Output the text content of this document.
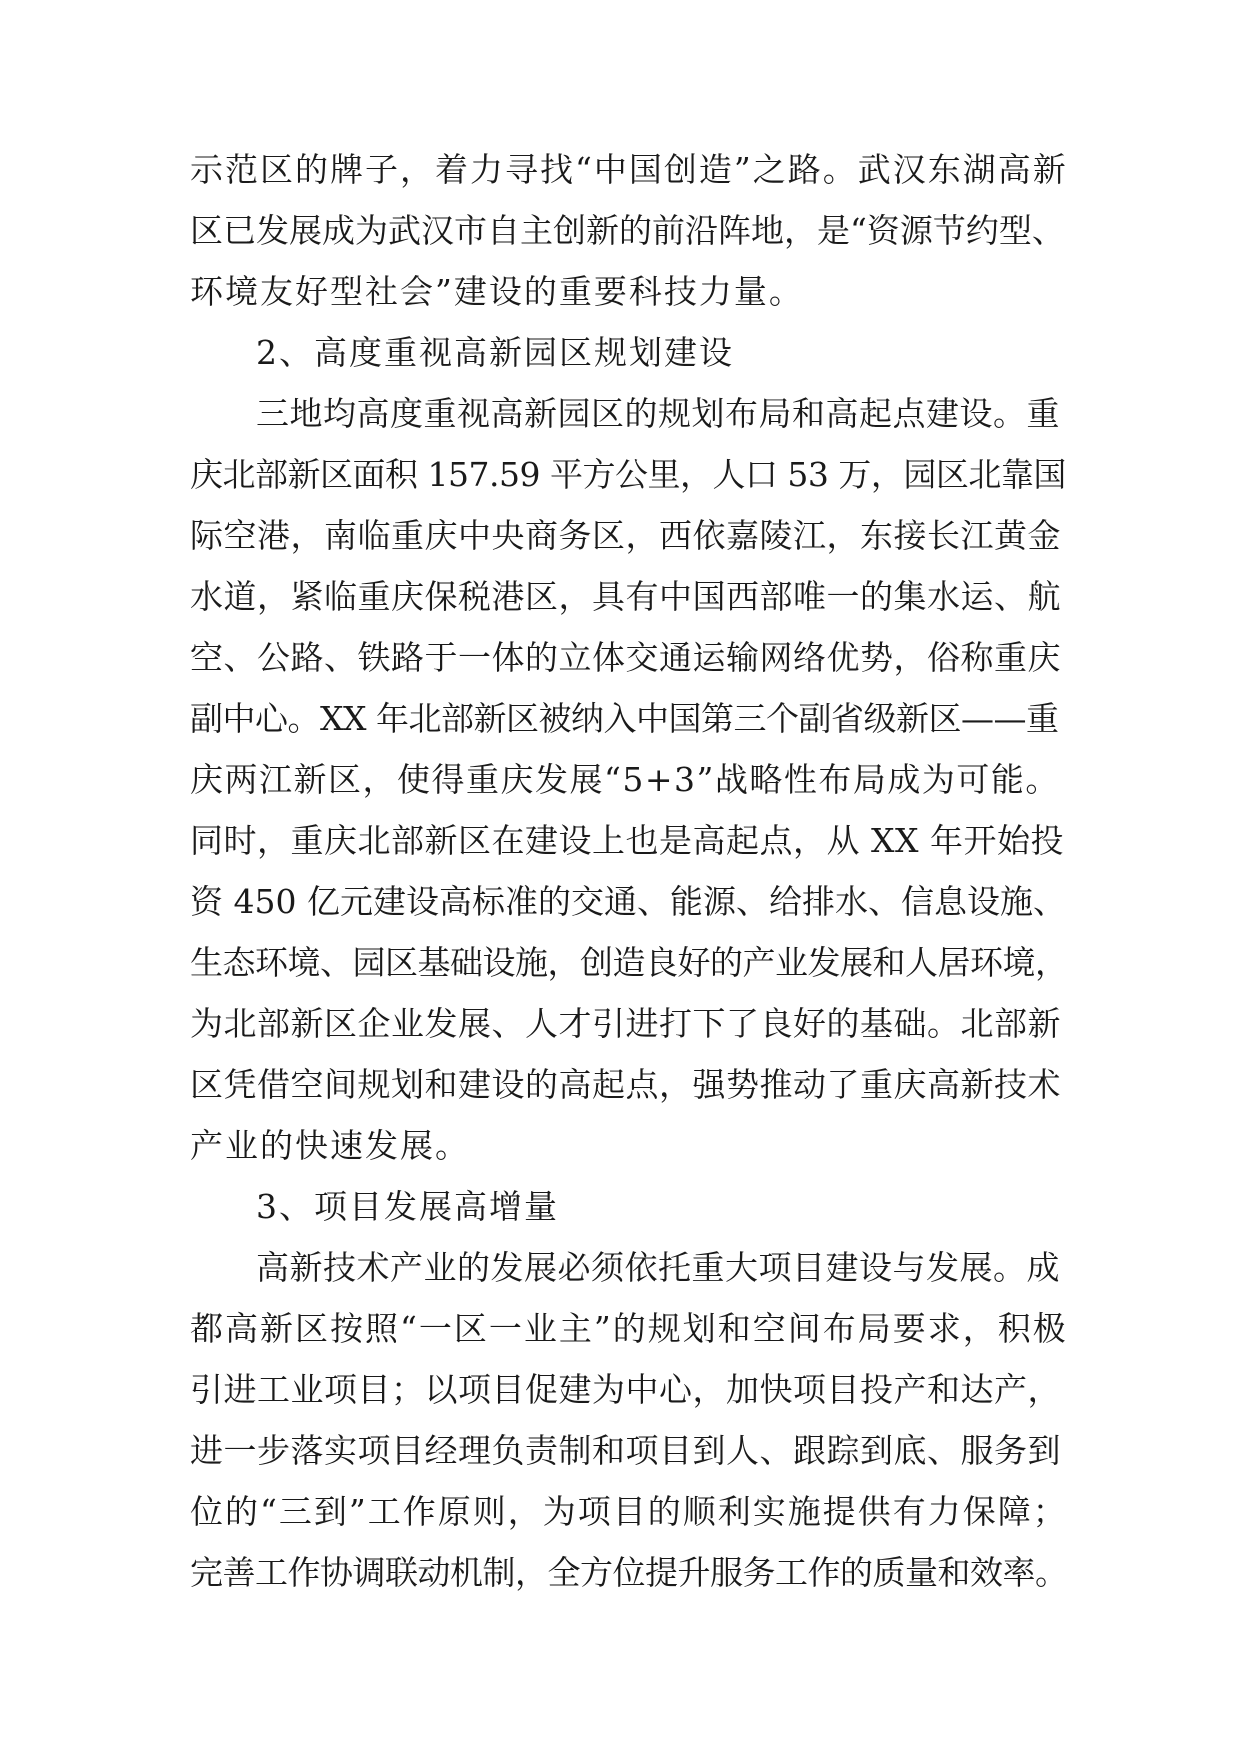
示范区的牌子，着力寻找“中国创造”之路。武汉东湖高新
区已发展成为武汉市自主创新的前沿阵地，是“资源节约型、
环境友好型社会”建设的重要科技力量。
2、高度重视高新园区规划建设
三地均高度重视高新园区的规划布局和高起点建设。重
庆北部新区面积 157.59 平方公里，人口 53 万，园区北靠国
际空港，南临重庆中央商务区，西依嘉陵江，东接长江黄金
水道，紧临重庆保税港区，具有中国西部唯一的集水运、航
空、公路、铁路于一体的立体交通运输网络优势，俗称重庆
副中心。XX 年北部新区被纳入中国第三个副省级新区——重
庆两江新区，使得重庆发展“5+3”战略性布局成为可能。
同时，重庆北部新区在建设上也是高起点，从 XX 年开始投
资 450 亿元建设高标准的交通、能源、给排水、信息设施、
生态环境、园区基础设施，创造良好的产业发展和人居环境，
为北部新区企业发展、人才引进打下了良好的基础。北部新
区凭借空间规划和建设的高起点，强势推动了重庆高新技术
产业的快速发展。
3、项目发展高增量
高新技术产业的发展必须依托重大项目建设与发展。成
都高新区按照“一区一业主”的规划和空间布局要求，积极
引进工业项目；以项目促建为中心，加快项目投产和达产，
进一步落实项目经理负责制和项目到人、跟踪到底、服务到
位的“三到”工作原则，为项目的顺利实施提供有力保障；
完善工作协调联动机制，全方位提升服务工作的质量和效率。
